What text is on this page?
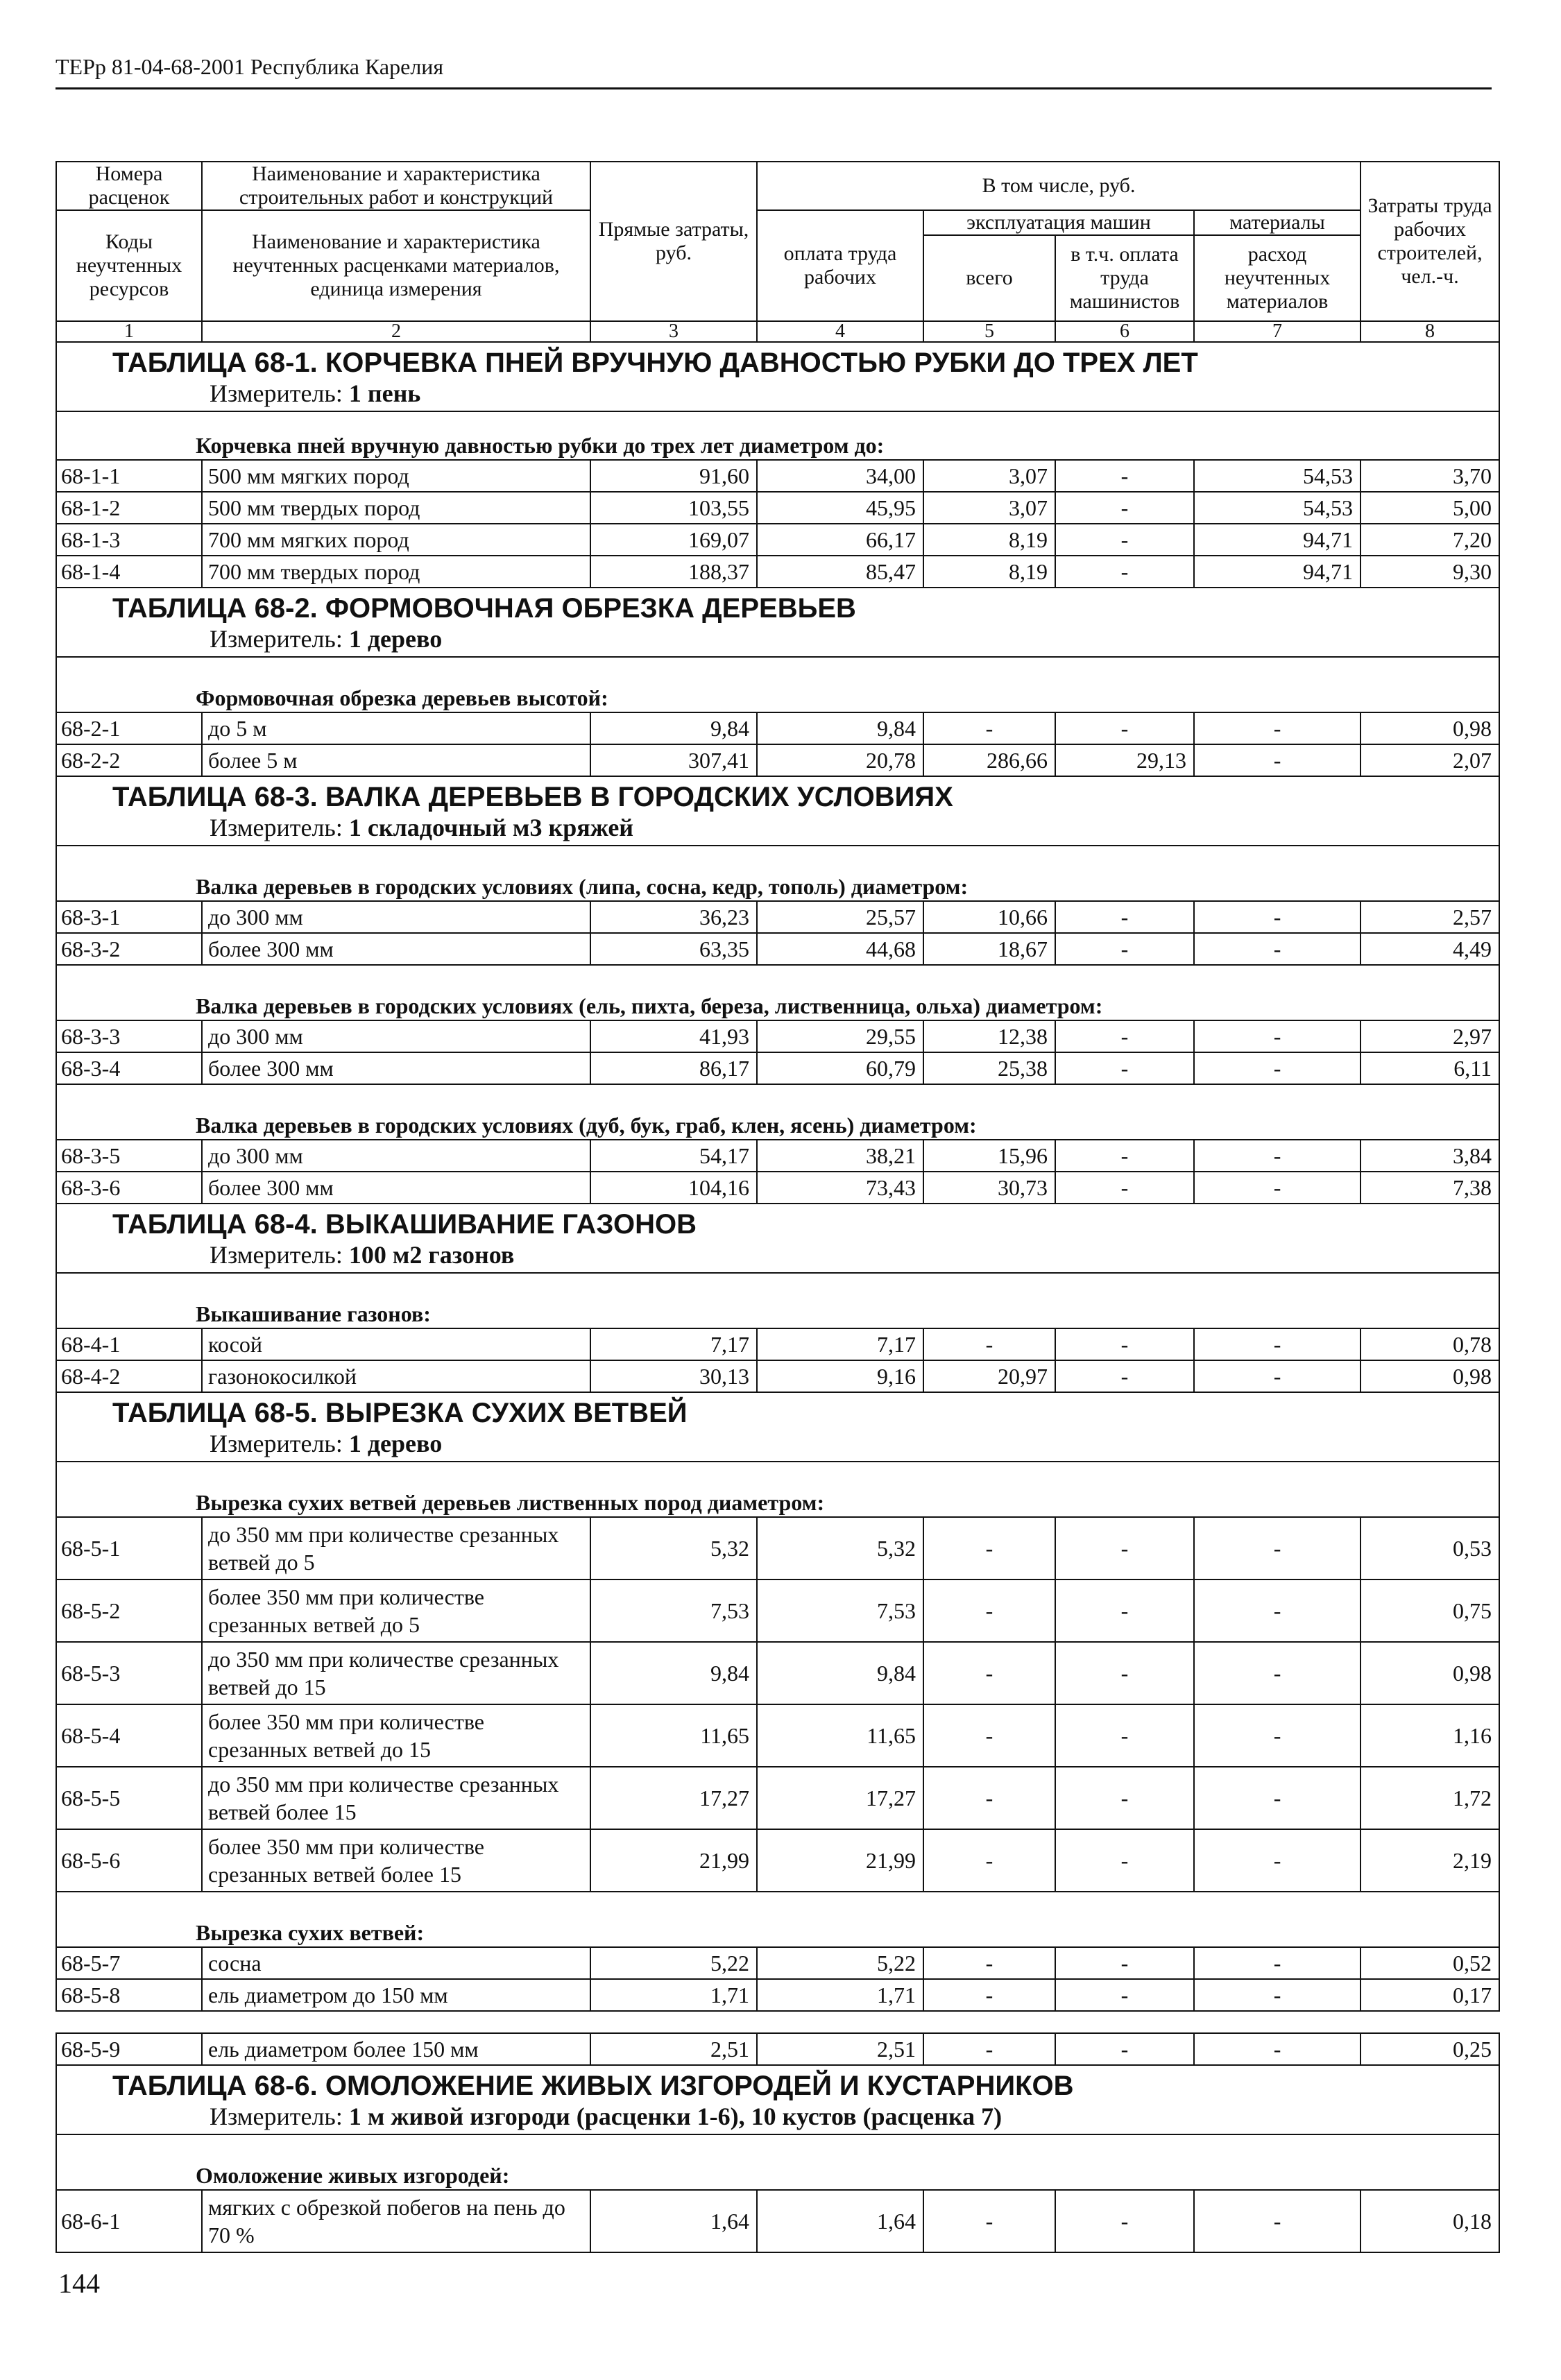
ТЕРр 81-04-68-2001 Республика Карелия
Номера расценок	Наименование и характеристика строительных работ и конструкций	Прямые затраты, руб.	В том числе, руб.				Затраты труда рабочих строителей, чел.-ч.
Коды неучтенных ресурсов	Наименование и характеристика неучтенных расценками материалов, единица измерения		оплата труда рабочих	эксплуатация машин		материалы	
				всего	в т.ч. оплата труда машинистов	расход неучтенных материалов	
1	2	3	4	5	6	7	8

ТАБЛИЦА 68-1. КОРЧЕВКА ПНЕЙ ВРУЧНУЮ ДАВНОСТЬЮ РУБКИ ДО ТРЕХ ЛЕТ
Измеритель: 1 пень							

Корчевка пней вручную давностью рубки до трех лет диаметром до:							
68-1-1	500 мм мягких пород	91,60	34,00	3,07	-	54,53	3,70
68-1-2	500 мм твердых пород	103,55	45,95	3,07	-	54,53	5,00
68-1-3	700 мм мягких пород	169,07	66,17	8,19	-	94,71	7,20
68-1-4	700 мм твердых пород	188,37	85,47	8,19	-	94,71	9,30

ТАБЛИЦА 68-2. ФОРМОВОЧНАЯ ОБРЕЗКА ДЕРЕВЬЕВ
Измеритель: 1 дерево							

Формовочная обрезка деревьев высотой:							
68-2-1	до 5 м	9,84	9,84	-	-	-	0,98
68-2-2	более 5 м	307,41	20,78	286,66	29,13	-	2,07

ТАБЛИЦА 68-3. ВАЛКА ДЕРЕВЬЕВ В ГОРОДСКИХ УСЛОВИЯХ
Измеритель: 1 складочный м3 кряжей							

Валка деревьев в городских условиях (липа, сосна, кедр, тополь) диаметром:							
68-3-1	до 300 мм	36,23	25,57	10,66	-	-	2,57
68-3-2	более 300 мм	63,35	44,68	18,67	-	-	4,49
Валка деревьев в городских условиях (ель, пихта, береза, лиственница, ольха) диаметром:							
68-3-3	до 300 мм	41,93	29,55	12,38	-	-	2,97
68-3-4	более 300 мм	86,17	60,79	25,38	-	-	6,11
Валка деревьев в городских условиях (дуб, бук, граб, клен, ясень) диаметром:							
68-3-5	до 300 мм	54,17	38,21	15,96	-	-	3,84
68-3-6	более 300 мм	104,16	73,43	30,73	-	-	7,38

ТАБЛИЦА 68-4. ВЫКАШИВАНИЕ ГАЗОНОВ
Измеритель: 100 м2 газонов							

Выкашивание газонов:							
68-4-1	косой	7,17	7,17	-	-	-	0,78
68-4-2	газонокосилкой	30,13	9,16	20,97	-	-	0,98

ТАБЛИЦА 68-5. ВЫРЕЗКА СУХИХ ВЕТВЕЙ
Измеритель: 1 дерево							

Вырезка сухих ветвей деревьев лиственных пород диаметром:							
68-5-1	до 350 мм при количестве срезанных ветвей до 5	5,32	5,32	-	-	-	0,53
68-5-2	более 350 мм при количестве срезанных ветвей до 5	7,53	7,53	-	-	-	0,75
68-5-3	до 350 мм при количестве срезанных ветвей до 15	9,84	9,84	-	-	-	0,98
68-5-4	более 350 мм при количестве срезанных ветвей до 15	11,65	11,65	-	-	-	1,16
68-5-5	до 350 мм при количестве срезанных ветвей более 15	17,27	17,27	-	-	-	1,72
68-5-6	более 350 мм при количестве срезанных ветвей более 15	21,99	21,99	-	-	-	2,19
Вырезка сухих ветвей:							
68-5-7	сосна	5,22	5,22	-	-	-	0,52
68-5-8	ель диаметром до 150 мм	1,71	1,71	-	-	-	0,17

68-5-9	ель диаметром более 150 мм	2,51	2,51	-	-	-	0,25

ТАБЛИЦА 68-6. ОМОЛОЖЕНИЕ ЖИВЫХ ИЗГОРОДЕЙ И КУСТАРНИКОВ
Измеритель: 1 м живой изгороди (расценки 1-6), 10 кустов (расценка 7)							

Омоложение живых изгородей:							
68-6-1	мягких с обрезкой побегов на пень до 70 %	1,64	1,64	-	-	-	0,18
144
